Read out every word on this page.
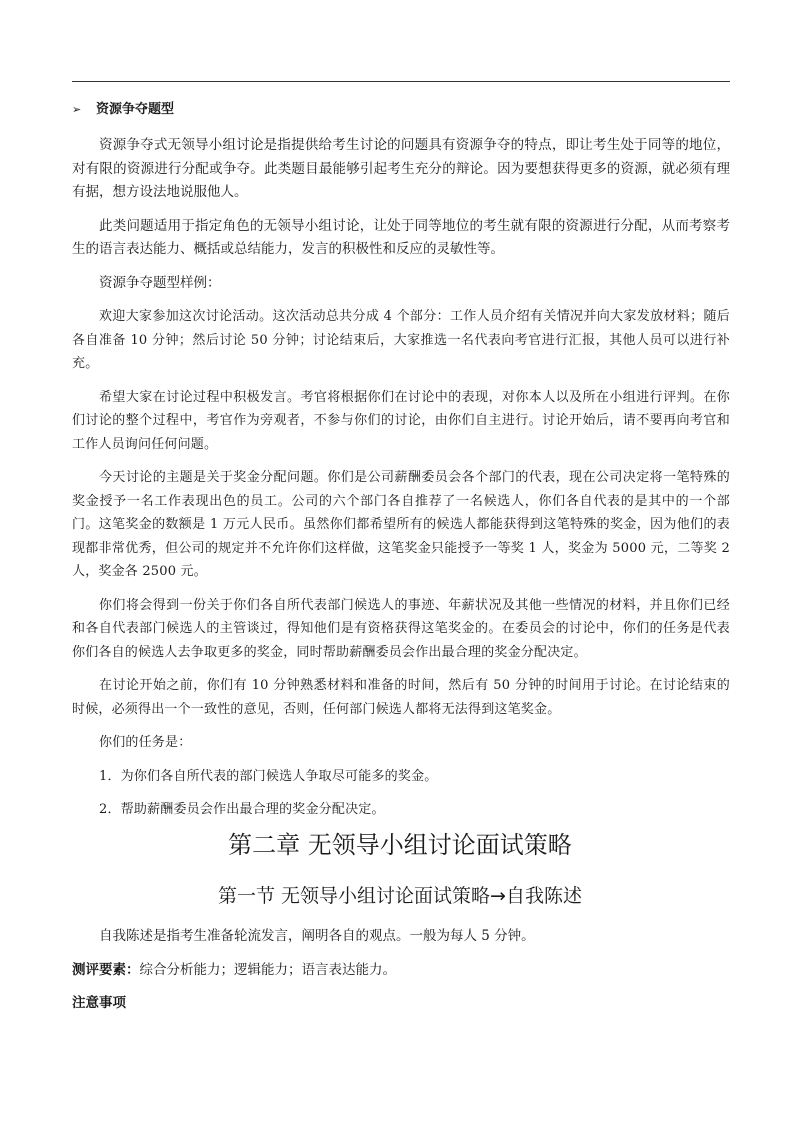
➢ 资源争夺题型

资源争夺式无领导小组讨论是指提供给考生讨论的问题具有资源争夺的特点，即让考生处于同等的地位，对有限的资源进行分配或争夺。此类题目最能够引起考生充分的辩论。因为要想获得更多的资源，就必须有理有据，想方设法地说服他人。

此类问题适用于指定角色的无领导小组讨论，让处于同等地位的考生就有限的资源进行分配，从而考察考生的语言表达能力、概括或总结能力，发言的积极性和反应的灵敏性等。

资源争夺题型样例：

欢迎大家参加这次讨论活动。这次活动总共分成 4 个部分：工作人员介绍有关情况并向大家发放材料；随后各自准备 10 分钟；然后讨论 50 分钟；讨论结束后，大家推选一名代表向考官进行汇报，其他人员可以进行补充。

希望大家在讨论过程中积极发言。考官将根据你们在讨论中的表现，对你本人以及所在小组进行评判。在你们讨论的整个过程中，考官作为旁观者，不参与你们的讨论，由你们自主进行。讨论开始后，请不要再向考官和工作人员询问任何问题。

今天讨论的主题是关于奖金分配问题。你们是公司薪酬委员会各个部门的代表，现在公司决定将一笔特殊的奖金授予一名工作表现出色的员工。公司的六个部门各自推荐了一名候选人，你们各自代表的是其中的一个部门。这笔奖金的数额是 1 万元人民币。虽然你们都希望所有的候选人都能获得到这笔特殊的奖金，因为他们的表现都非常优秀，但公司的规定并不允许你们这样做，这笔奖金只能授予一等奖 1 人，奖金为 5000 元，二等奖 2 人，奖金各 2500 元。

你们将会得到一份关于你们各自所代表部门候选人的事迹、年薪状况及其他一些情况的材料，并且你们已经和各自代表部门候选人的主管谈过，得知他们是有资格获得这笔奖金的。在委员会的讨论中，你们的任务是代表你们各自的候选人去争取更多的奖金，同时帮助薪酬委员会作出最合理的奖金分配决定。

在讨论开始之前，你们有 10 分钟熟悉材料和准备的时间，然后有 50 分钟的时间用于讨论。在讨论结束的时候，必须得出一个一致性的意见，否则，任何部门候选人都将无法得到这笔奖金。

你们的任务是：

1．为你们各自所代表的部门候选人争取尽可能多的奖金。

2．帮助薪酬委员会作出最合理的奖金分配决定。

第二章 无领导小组讨论面试策略
第一节 无领导小组讨论面试策略→自我陈述

自我陈述是指考生准备轮流发言，阐明各自的观点。一般为每人 5 分钟。

测评要素：综合分析能力；逻辑能力；语言表达能力。

注意事项
